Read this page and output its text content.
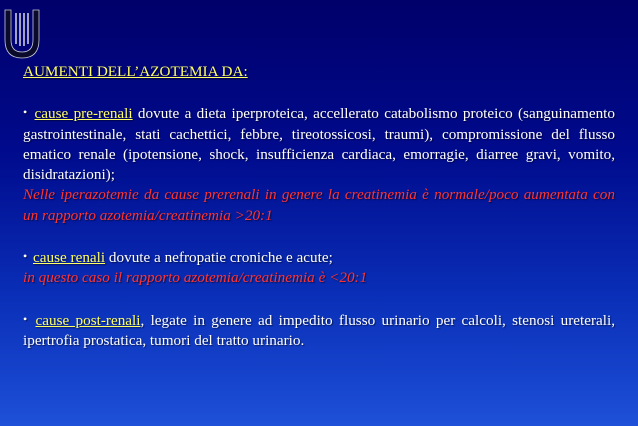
AUMENTI DELL’AZOTEMIA DA:
• cause pre-renali dovute a dieta iperproteica, accellerato catabolismo proteico (sanguinamento gastrointestinale, stati cachettici, febbre, tireotossicosi, traumi), compromissione del flusso ematico renale (ipotensione, shock, insufficienza cardiaca, emorragie, diarree gravi, vomito, disidratazioni);
Nelle iperazotemie da cause prerenali in genere la creatinemia è normale/poco aumentata con un rapporto azotemia/creatinemia >20:1
• cause renali dovute a nefropatie croniche e acute;
in questo caso il rapporto azotemia/creatinemia è <20:1
• cause post-renali, legate in genere ad impedito flusso urinario per calcoli, stenosi ureterali, ipertrofia prostatica, tumori del tratto urinario.
